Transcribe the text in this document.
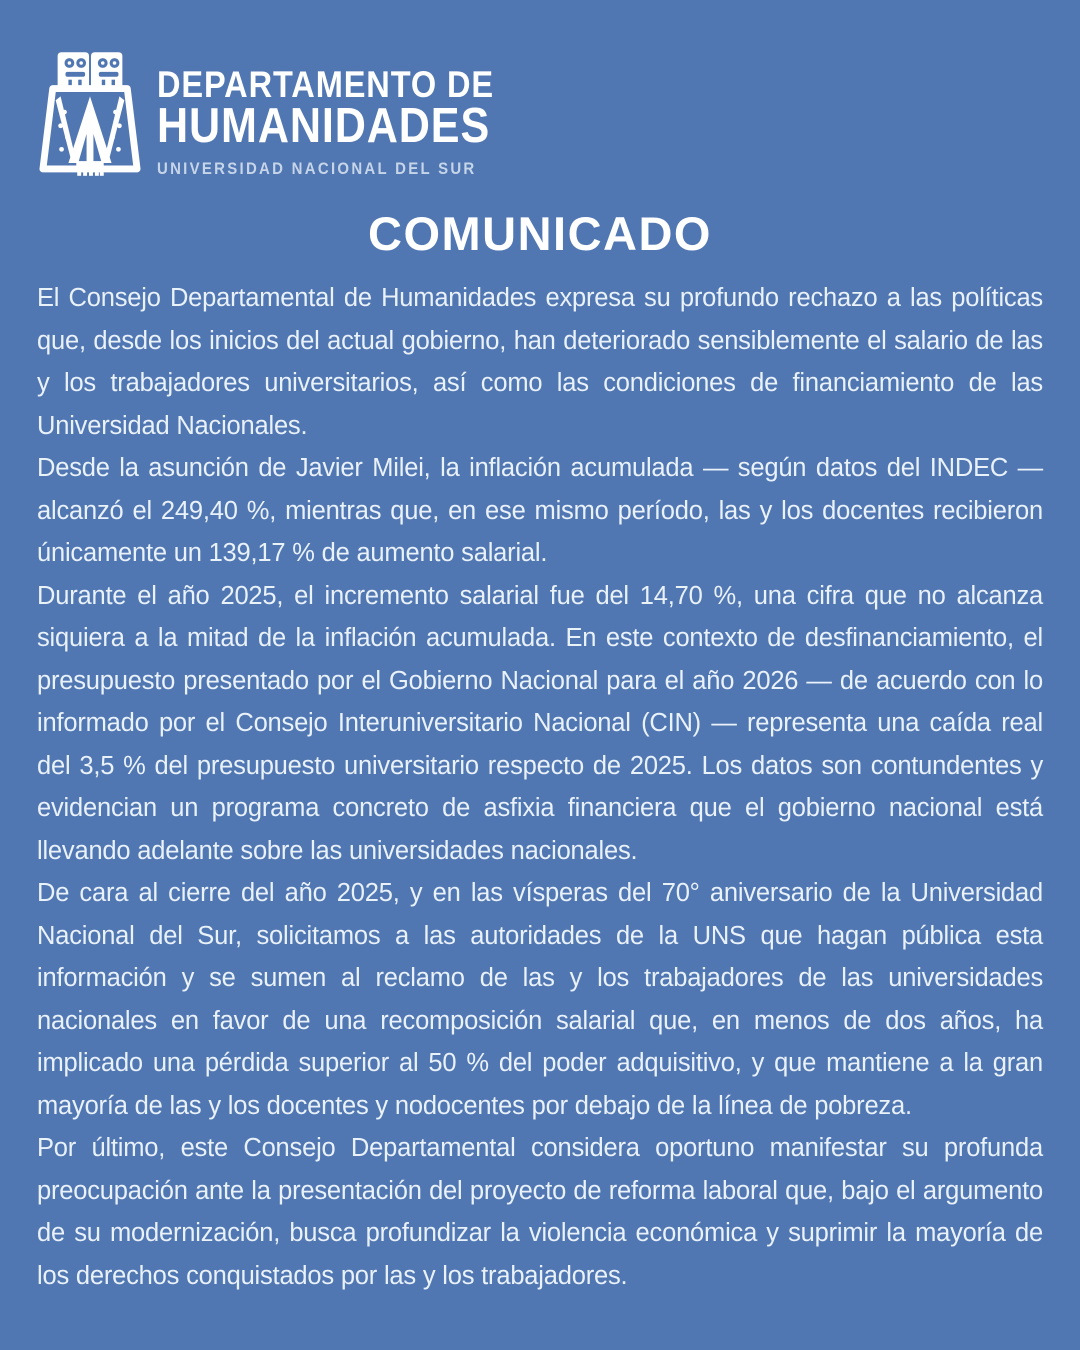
DEPARTAMENTO DE
HUMANIDADES
UNIVERSIDAD NACIONAL DEL SUR
COMUNICADO

El Consejo Departamental de Humanidades expresa su profundo rechazo a las políticas que, desde los inicios del actual gobierno, han deteriorado sensiblemente el salario de las y los trabajadores universitarios, así como las condiciones de financiamiento de las Universidad Nacionales.

Desde la asunción de Javier Milei, la inflación acumulada — según datos del INDEC — alcanzó el 249,40 %, mientras que, en ese mismo período, las y los docentes recibieron únicamente un 139,17 % de aumento salarial.

Durante el año 2025, el incremento salarial fue del 14,70 %, una cifra que no alcanza siquiera a la mitad de la inflación acumulada. En este contexto de desfinanciamiento, el presupuesto presentado por el Gobierno Nacional para el año 2026 — de acuerdo con lo informado por el Consejo Interuniversitario Nacional (CIN) — representa una caída real del 3,5 % del presupuesto universitario respecto de 2025. Los datos son contundentes y evidencian un programa concreto de asfixia financiera que el gobierno nacional está llevando adelante sobre las universidades nacionales.

De cara al cierre del año 2025, y en las vísperas del 70° aniversario de la Universidad Nacional del Sur, solicitamos a las autoridades de la UNS que hagan pública esta información y se sumen al reclamo de las y los trabajadores de las universidades nacionales en favor de una recomposición salarial que, en menos de dos años, ha implicado una pérdida superior al 50 % del poder adquisitivo, y que mantiene a la gran mayoría de las y los docentes y nodocentes por debajo de la línea de pobreza.

Por último, este Consejo Departamental considera oportuno manifestar su profunda preocupación ante la presentación del proyecto de reforma laboral que, bajo el argumento de su modernización, busca profundizar la violencia económica y suprimir la mayoría de los derechos conquistados por las y los trabajadores.
